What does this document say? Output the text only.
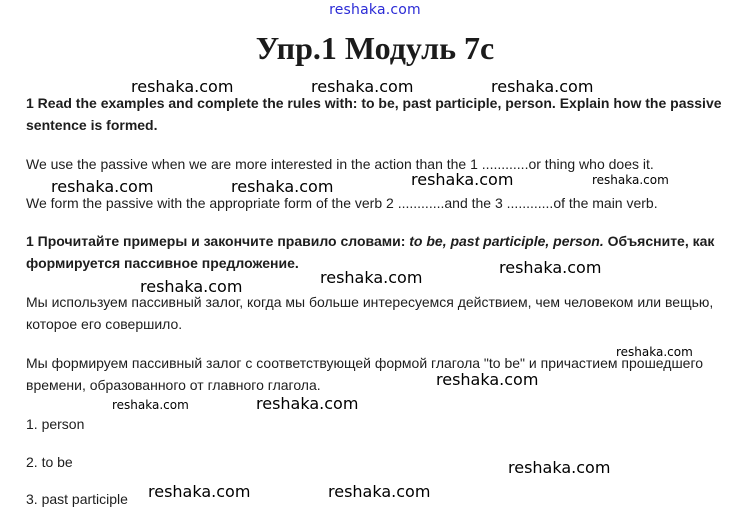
reshaka.com
Упр.1 Модуль 7c
1 Read the examples and complete the rules with: to be, past participle, person. Explain how the passive sentence is formed.
We use the passive when we are more interested in the action than the 1 ............or thing who does it.
We form the passive with the appropriate form of the verb 2 ............and the 3 ............of the main verb.
1 Прочитайте примеры и закончите правило словами: to be, past participle, person. Объясните, как формируется пассивное предложение.
Мы используем пассивный залог, когда мы больше интересуемся действием, чем человеком или вещью, которое его совершило.
Мы формируем пассивный залог с соответствующей формой глагола "to be" и причастием прошедшего времени, образованного от главного глагола.
1. person
2. to be
3. past participle
reshaka.com	reshaka.com	reshaka.com
reshaka.com	reshaka.com
reshaka.com	reshaka.com
reshaka.com
reshaka.com
reshaka.com
reshaka.com
reshaka.com
reshaka.com
reshaka.com
reshaka.com
reshaka.com	reshaka.com
